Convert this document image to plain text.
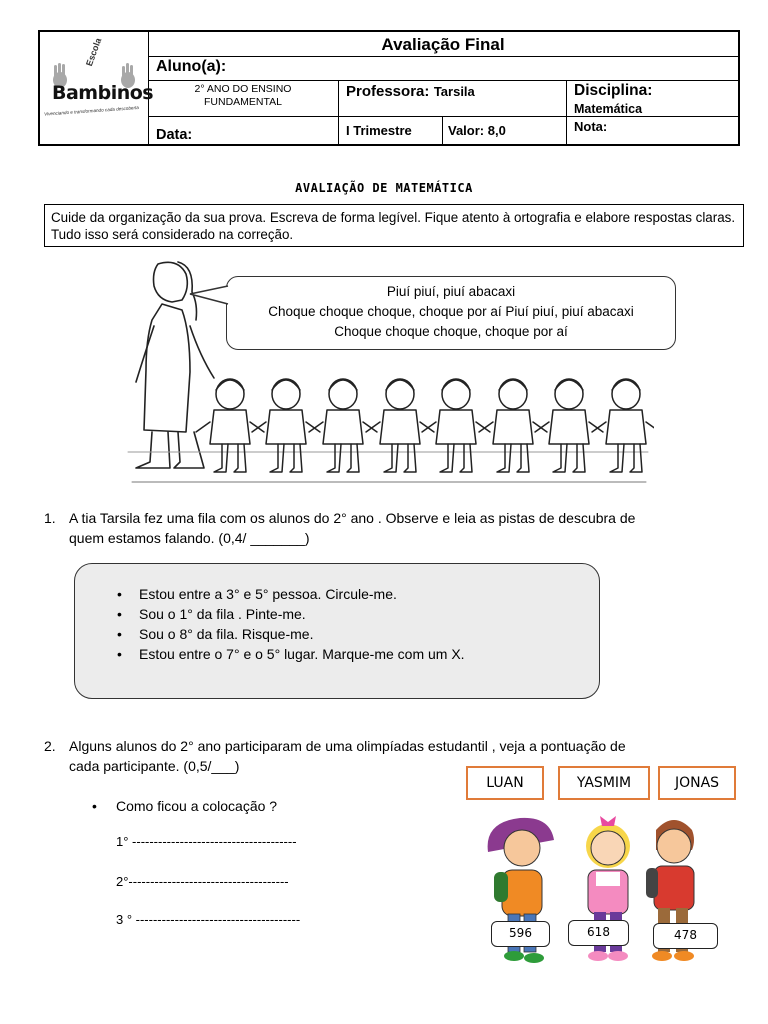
Escola
Bambinos
Vivenciando e transformando cada descoberta
Avaliação Final
Aluno(a):
2° ANO DO ENSINO
FUNDAMENTAL
Professora: Tarsila	Disciplina:
Matemática
Data:	I Trimestre	Valor: 8,0	Nota:
AVALIAÇÃO DE MATEMÁTICA
Cuide da organização da sua prova. Escreva de forma legível. Fique atento à ortografia e elabore respostas claras. Tudo isso será considerado na correção.
Piuí piuí, piuí abacaxi
Choque choque choque, choque por aí Piuí piuí, piuí abacaxi
Choque choque choque, choque por aí
1. A tia Tarsila fez uma fila com os alunos do 2° ano . Observe e leia as pistas de descubra de
quem estamos falando. (0,4/ _______)
• Estou entre a 3° e 5° pessoa. Circule-me.
• Sou o 1° da fila . Pinte-me.
• Sou o 8° da fila. Risque-me.
• Estou entre o 7° e o 5° lugar. Marque-me com um X.
2. Alguns alunos do 2° ano participaram de uma olimpíadas estudantil , veja a pontuação de
cada participante. (0,5/___)
• Como ficou a colocação ?
1° --------------------------------------
2°-------------------------------------
3 ° --------------------------------------
LUAN	YASMIM	JONAS
596	618	478
